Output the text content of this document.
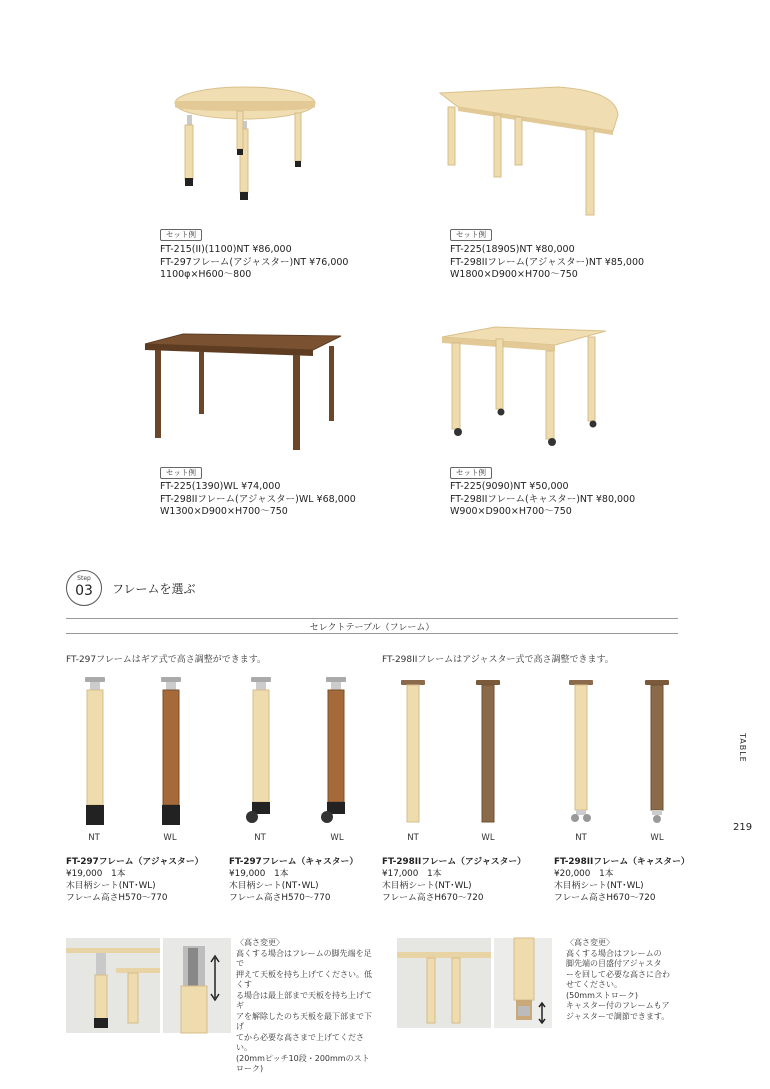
セット例
FT-215(II)(1100)NT ¥86,000
FT-297フレーム(アジャスター)NT ¥76,000
1100φ×H600～800
セット例
FT-225(1890S)NT ¥80,000
FT-298IIフレーム(アジャスター)NT ¥85,000
W1800×D900×H700～750
セット例
FT-225(1390)WL ¥74,000
FT-298IIフレーム(アジャスター)WL ¥68,000
W1300×D900×H700～750
セット例
FT-225(9090)NT ¥50,000
FT-298IIフレーム(キャスター)NT ¥80,000
W900×D900×H700～750
Step
03	フレームを選ぶ
セレクトテーブル（フレーム）
FT-297フレームはギア式で高さ調整ができます。	FT-298IIフレームはアジャスター式で高さ調整できます。
NT	WL	NT	WL	NT	WL	NT	WL
FT-297フレーム（アジャスター）
¥19,000　1本
木目柄シート(NT･WL)
フレーム高さH570～770
FT-297フレーム（キャスター）
¥19,000　1本
木目柄シート(NT･WL)
フレーム高さH570～770
FT-298IIフレーム（アジャスター）
¥17,000　1本
木目柄シート(NT･WL)
フレーム高さH670～720
FT-298IIフレーム（キャスター）
¥20,000　1本
木目柄シート(NT･WL)
フレーム高さH670～720
〈高さ変更〉
高くする場合はフレームの脚先端を足で
押えて天板を持ち上げてください。低くす
る場合は最上部まで天板を持ち上げてギ
アを解除したのち天板を最下部まで下げ
てから必要な高さまで上げてください。
(20mmピッチ10段・200mmのスト
ローク)
〈高さ変更〉
高くする場合はフレームの
脚先端の目盛付アジャスタ
ーを回して必要な高さに合わ
せてください。
(50mmストローク)
キャスター付のフレームもア
ジャスターで調節できます。
TABLE
219
